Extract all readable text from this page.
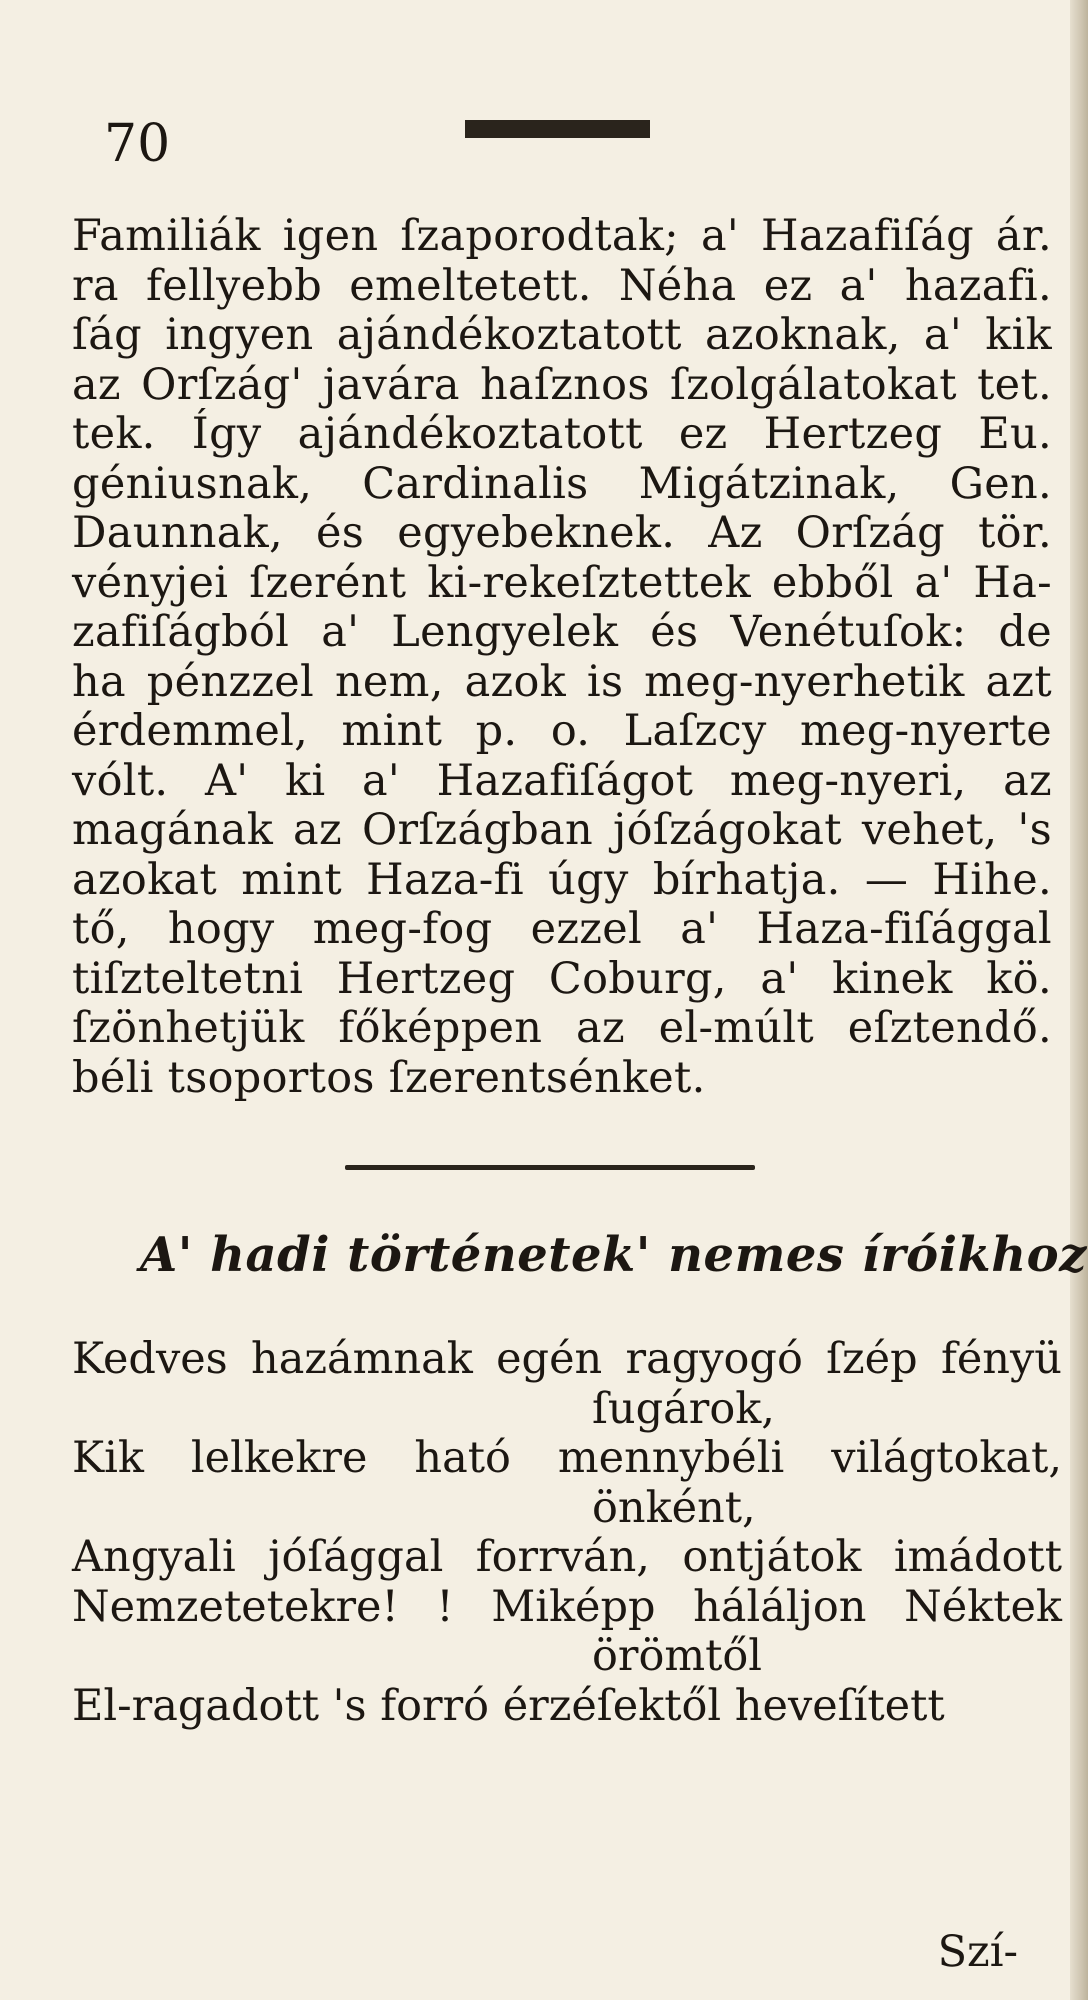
70
Familiák igen ſzaporodtak; a' Hazafiſág ár.
ra fellyebb emeltetett. Néha ez a' hazafi.
ſág ingyen ajándékoztatott azoknak, a' kik
az Orſzág' javára haſznos ſzolgálatokat tet.
tek. Így ajándékoztatott ez Hertzeg Eu.
géniusnak, Cardinalis Migátzinak, Gen.
Daunnak, és egyebeknek. Az Orſzág tör.
vényjei ſzerént ki-rekeſztettek ebből a' Ha-
zafiſágból a' Lengyelek és Venétuſok: de
ha pénzzel nem, azok is meg-nyerhetik azt
érdemmel, mint p. o. Laſzcy meg-nyerte
vólt. A' ki a' Hazafiſágot meg-nyeri, az
magának az Orſzágban jóſzágokat vehet, 's
azokat mint Haza-fi úgy bírhatja. — Hihe.
tő, hogy meg-fog ezzel a' Haza-fiſággal
tiſzteltetni Hertzeg Coburg, a' kinek kö.
ſzönhetjük főképpen az el-múlt eſztendő.
béli tsoportos ſzerentsénket.
A' hadi történetek' nemes íróikhoz
Kedves hazámnak egén ragyogó ſzép fényü
ſugárok,
Kik lelkekre ható mennybéli világtokat,
önként,
Angyali jóſággal forrván, ontjátok imádott
Nemzetetekre! ! Miképp háláljon Néktek
örömtől
El-ragadott 's forró érzéſektől heveſített
Szí-
